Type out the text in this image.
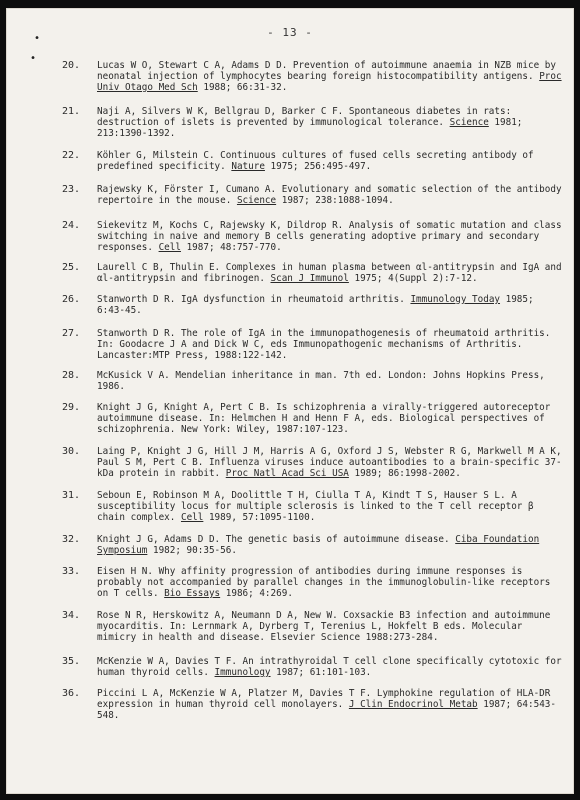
- 13 -
•
•
20. Lucas W O, Stewart C A, Adams D D. Prevention of autoimmune anaemia in NZB mice by neonatal injection of lymphocytes bearing foreign histocompatibility antigens. Proc Univ Otago Med Sch 1988; 66:31-32.
21. Naji A, Silvers W K, Bellgrau D, Barker C F. Spontaneous diabetes in rats: destruction of islets is prevented by immunological tolerance. Science 1981; 213:1390-1392.
22. Köhler G, Milstein C. Continuous cultures of fused cells secreting antibody of predefined specificity. Nature 1975; 256:495-497.
23. Rajewsky K, Förster I, Cumano A. Evolutionary and somatic selection of the antibody repertoire in the mouse. Science 1987; 238:1088-1094.
24. Siekevitz M, Kochs C, Rajewsky K, Dildrop R. Analysis of somatic mutation and class switching in naive and memory B cells generating adoptive primary and secondary responses. Cell 1987; 48:757-770.
25. Laurell C B, Thulin E. Complexes in human plasma between αl-antitrypsin and IgA and αl-antitrypsin and fibrinogen. Scan J Immunol 1975; 4(Suppl 2):7-12.
26. Stanworth D R. IgA dysfunction in rheumatoid arthritis. Immunology Today 1985; 6:43-45.
27. Stanworth D R. The role of IgA in the immunopathogenesis of rheumatoid arthritis. In: Goodacre J A and Dick W C, eds Immunopathogenic mechanisms of Arthritis. Lancaster:MTP Press, 1988:122-142.
28. McKusick V A. Mendelian inheritance in man. 7th ed. London: Johns Hopkins Press, 1986.
29. Knight J G, Knight A, Pert C B. Is schizophrenia a virally-triggered autoreceptor autoimmune disease. In: Helmchen H and Henn F A, eds. Biological perspectives of schizophrenia. New York: Wiley, 1987:107-123.
30. Laing P, Knight J G, Hill J M, Harris A G, Oxford J S, Webster R G, Markwell M A K, Paul S M, Pert C B. Influenza viruses induce autoantibodies to a brain-specific 37-kDa protein in rabbit. Proc Natl Acad Sci USA 1989; 86:1998-2002.
31. Seboun E, Robinson M A, Doolittle T H, Ciulla T A, Kindt T S, Hauser S L. A susceptibility locus for multiple sclerosis is linked to the T cell receptor β chain complex. Cell 1989, 57:1095-1100.
32. Knight J G, Adams D D. The genetic basis of autoimmune disease. Ciba Foundation Symposium 1982; 90:35-56.
33. Eisen H N. Why affinity progression of antibodies during immune responses is probably not accompanied by parallel changes in the immunoglobulin-like receptors on T cells. Bio Essays 1986; 4:269.
34. Rose N R, Herskowitz A, Neumann D A, New W. Coxsackie B3 infection and autoimmune myocarditis. In: Lernmark A, Dyrberg T, Terenius L, Hokfelt B eds. Molecular mimicry in health and disease. Elsevier Science 1988:273-284.
35. McKenzie W A, Davies T F. An intrathyroidal T cell clone specifically cytotoxic for human thyroid cells. Immunology 1987; 61:101-103.
36. Piccini L A, McKenzie W A, Platzer M, Davies T F. Lymphokine regulation of HLA-DR expression in human thyroid cell monolayers. J Clin Endocrinol Metab 1987; 64:543-548.
